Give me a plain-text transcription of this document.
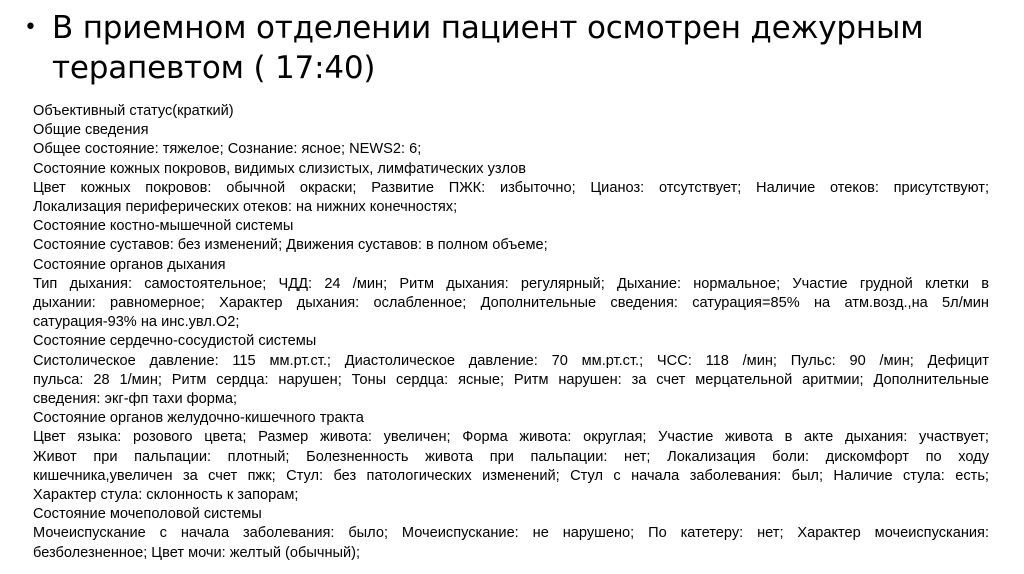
• В приемном отделении пациент осмотрен дежурным терапевтом ( 17:40)
Объективный статус(краткий)
Общие сведения
Общее состояние: тяжелое; Сознание: ясное; NEWS2: 6;
Состояние кожных покровов, видимых слизистых, лимфатических узлов
Цвет кожных покровов: обычной окраски; Развитие ПЖК: избыточно; Цианоз: отсутствует; Наличие отеков: присутствуют;
Локализация периферических отеков: на нижних конечностях;
Состояние костно-мышечной системы
Состояние суставов: без изменений; Движения суставов: в полном объеме;
Состояние органов дыхания
Тип дыхания: самостоятельное; ЧДД: 24 /мин; Ритм дыхания: регулярный; Дыхание: нормальное; Участие грудной клетки в
дыхании: равномерное; Характер дыхания: ослабленное; Дополнительные сведения: сатурация=85% на атм.возд.,на 5л/мин
сатурация-93% на инс.увл.О2;
Состояние сердечно-сосудистой системы
Систолическое давление: 115 мм.рт.ст.; Диастолическое давление: 70 мм.рт.ст.; ЧСС: 118 /мин; Пульс: 90 /мин; Дефицит
пульса: 28 1/мин; Ритм сердца: нарушен; Тоны сердца: ясные; Ритм нарушен: за счет мерцательной аритмии; Дополнительные
сведения: экг-фп тахи форма;
Состояние органов желудочно-кишечного тракта
Цвет языка: розового цвета; Размер живота: увеличен; Форма живота: округлая; Участие живота в акте дыхания: участвует;
Живот при пальпации: плотный; Болезненность живота при пальпации: нет; Локализация боли: дискомфорт по ходу
кишечника,увеличен за счет пжк; Стул: без патологических изменений; Стул с начала заболевания: был; Наличие стула: есть;
Характер стула: склонность к запорам;
Состояние мочеполовой системы
Мочеиспускание с начала заболевания: было; Мочеиспускание: не нарушено; По катетеру: нет; Характер мочеиспускания:
безболезненное; Цвет мочи: желтый (обычный);
